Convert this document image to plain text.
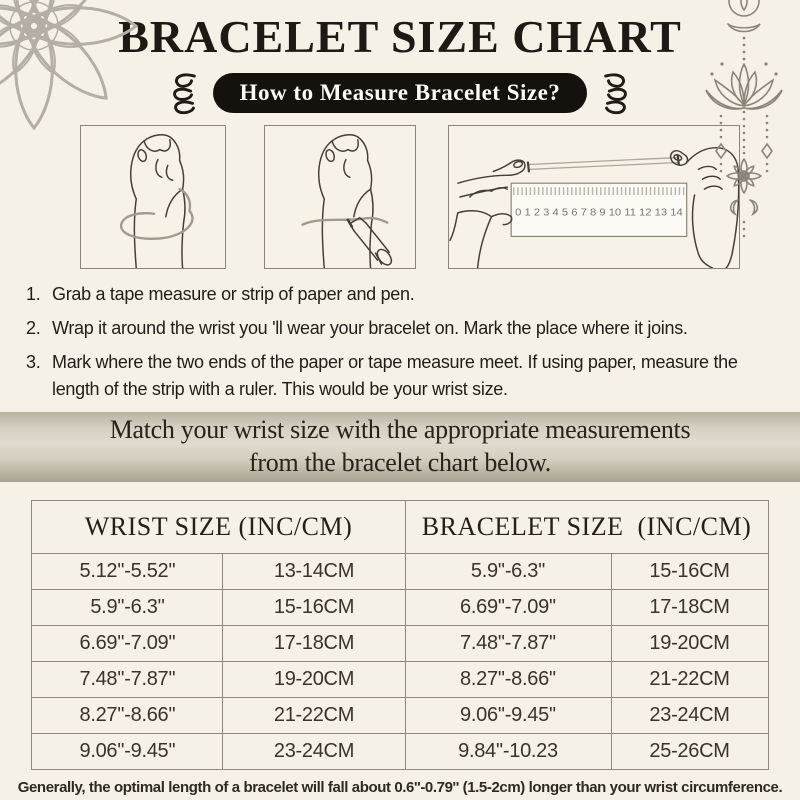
BRACELET SIZE CHART
How to Measure Bracelet Size?
0 1 2 3 4 5 6 7 8 9 10 11 12 13 14
1. Grab a tape measure or strip of paper and pen.
2. Wrap it around the wrist you 'll wear your bracelet on. Mark the place where it joins.
3. Mark where the two ends of the paper or tape measure meet. If using paper, measure the length of the strip with a ruler. This would be your wrist size.
Match your wrist size with the appropriate measurements
from the bracelet chart below.
WRIST SIZE (INC/CM)		BRACELET SIZE  (INC/CM)	
5.12''-5.52''	13-14CM	5.9''-6.3''	15-16CM
5.9''-6.3''	15-16CM	6.69''-7.09''	17-18CM
6.69''-7.09''	17-18CM	7.48''-7.87''	19-20CM
7.48''-7.87''	19-20CM	8.27''-8.66''	21-22CM
8.27''-8.66''	21-22CM	9.06''-9.45''	23-24CM
9.06''-9.45''	23-24CM	9.84''-10.23	25-26CM
Generally, the optimal length of a bracelet will fall about 0.6''-0.79'' (1.5-2cm) longer than your wrist circumference.
